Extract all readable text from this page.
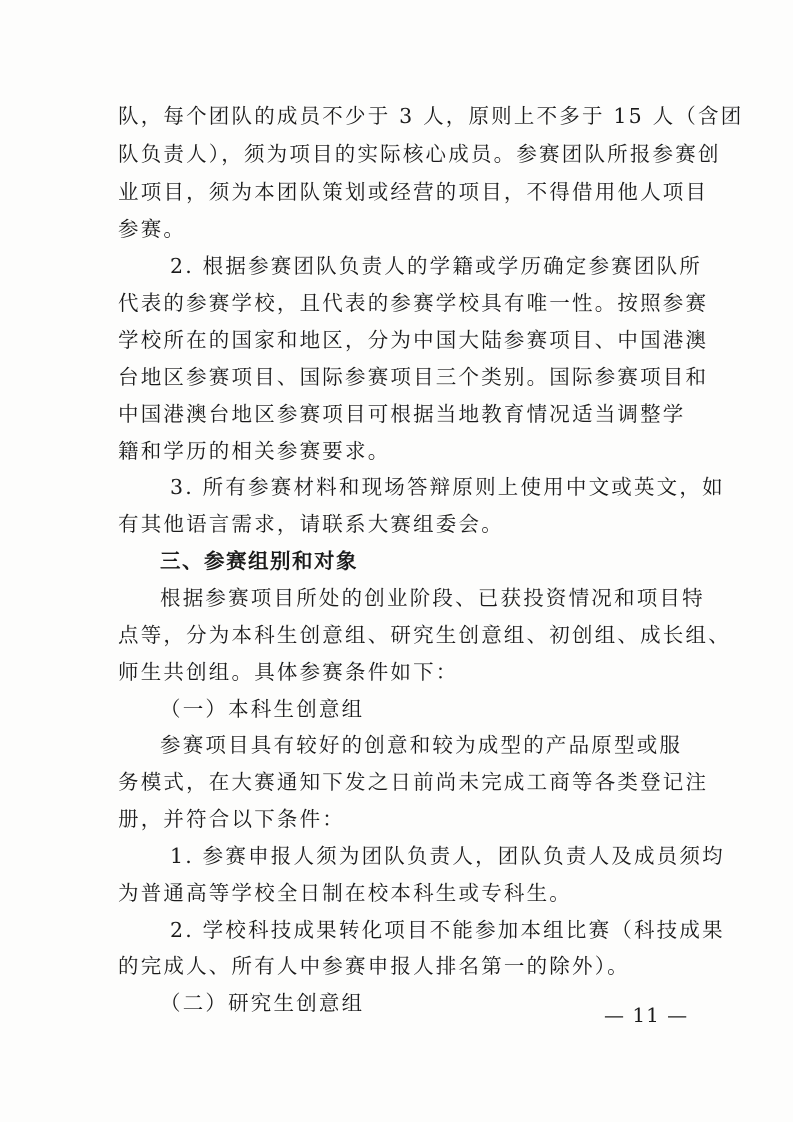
队，每个团队的成员不少于 3 人，原则上不多于 15 人（含团
队负责人），须为项目的实际核心成员。参赛团队所报参赛创
业项目，须为本团队策划或经营的项目，不得借用他人项目
参赛。
2. 根据参赛团队负责人的学籍或学历确定参赛团队所
代表的参赛学校，且代表的参赛学校具有唯一性。按照参赛
学校所在的国家和地区，分为中国大陆参赛项目、中国港澳
台地区参赛项目、国际参赛项目三个类别。国际参赛项目和
中国港澳台地区参赛项目可根据当地教育情况适当调整学
籍和学历的相关参赛要求。
3. 所有参赛材料和现场答辩原则上使用中文或英文，如
有其他语言需求，请联系大赛组委会。
三、参赛组别和对象
根据参赛项目所处的创业阶段、已获投资情况和项目特
点等，分为本科生创意组、研究生创意组、初创组、成长组、
师生共创组。具体参赛条件如下：
（一）本科生创意组
参赛项目具有较好的创意和较为成型的产品原型或服
务模式，在大赛通知下发之日前尚未完成工商等各类登记注
册，并符合以下条件：
1. 参赛申报人须为团队负责人，团队负责人及成员须均
为普通高等学校全日制在校本科生或专科生。
2. 学校科技成果转化项目不能参加本组比赛（科技成果
的完成人、所有人中参赛申报人排名第一的除外）。
（二）研究生创意组	— 11 —
